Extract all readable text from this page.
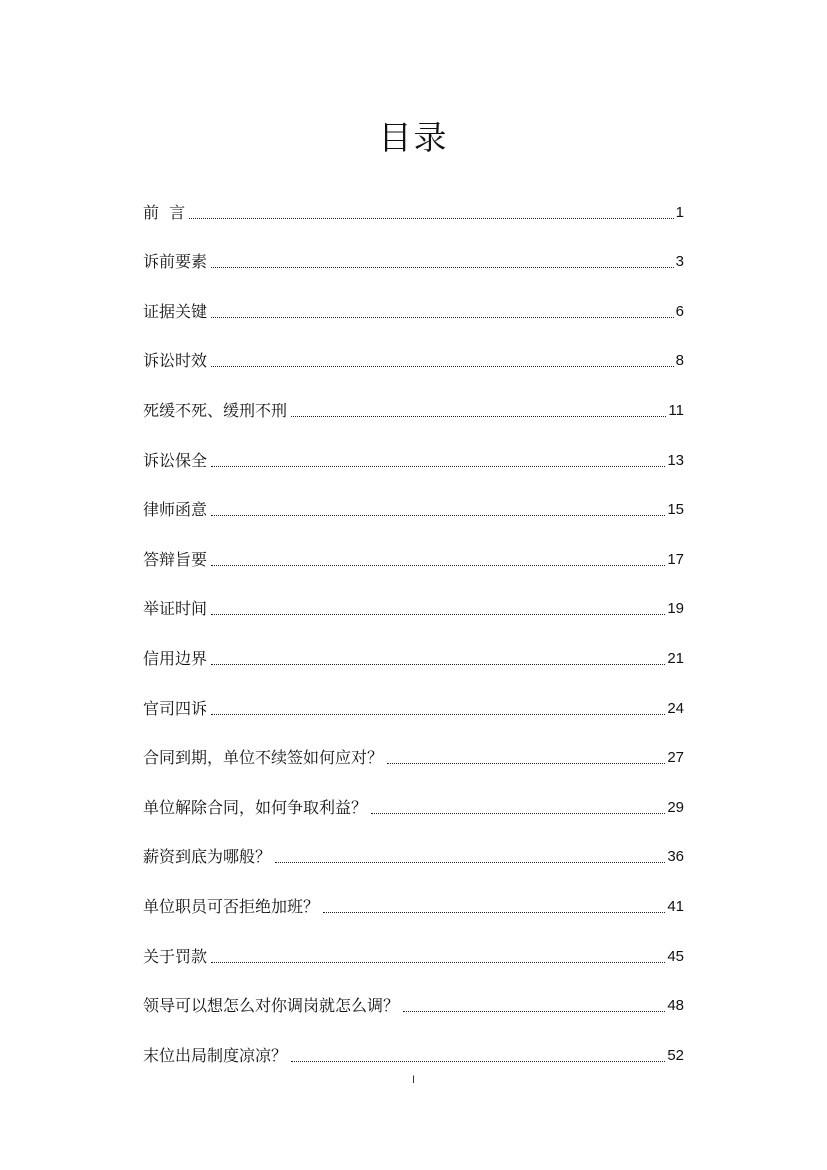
目录
前  言	1
诉前要素	3
证据关键	6
诉讼时效	8
死缓不死、缓刑不刑	11
诉讼保全	13
律师函意	15
答辩旨要	17
举证时间	19
信用边界	21
官司四诉	24
合同到期，单位不续签如何应对？	27
单位解除合同，如何争取利益？	29
薪资到底为哪般？	36
单位职员可否拒绝加班？	41
关于罚款	45
领导可以想怎么对你调岗就怎么调？	48
末位出局制度凉凉？	52
I
